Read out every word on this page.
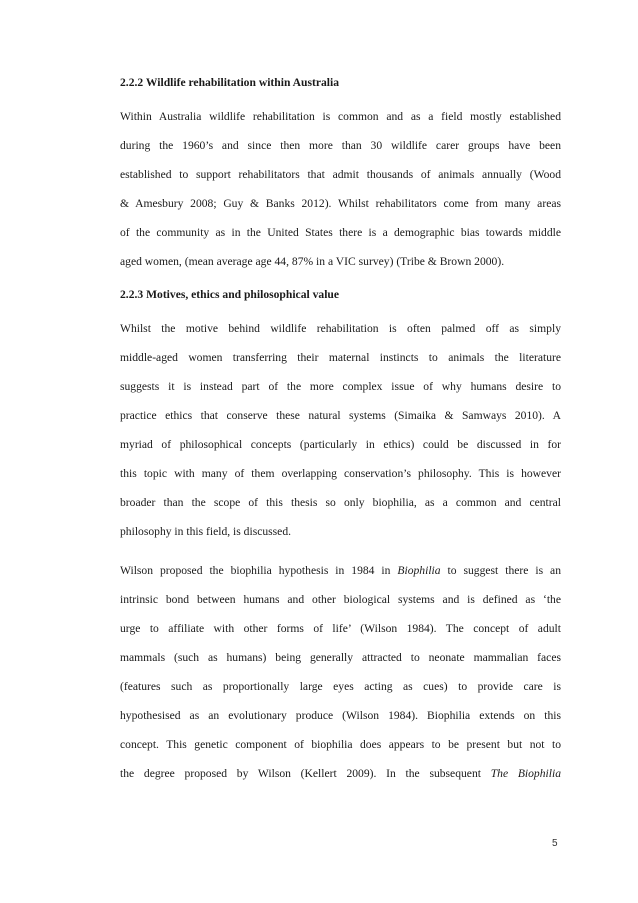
2.2.2 Wildlife rehabilitation within Australia
Within Australia wildlife rehabilitation is common and as a field mostly established
during the 1960’s and since then more than 30 wildlife carer groups have been
established to support rehabilitators that admit thousands of animals annually (Wood
& Amesbury 2008; Guy & Banks 2012). Whilst rehabilitators come from many areas
of the community as in the United States there is a demographic bias towards middle
aged women, (mean average age 44, 87% in a VIC survey) (Tribe & Brown 2000).
2.2.3 Motives, ethics and philosophical value
Whilst the motive behind wildlife rehabilitation is often palmed off as simply
middle-aged women transferring their maternal instincts to animals the literature
suggests it is instead part of the more complex issue of why humans desire to
practice ethics that conserve these natural systems (Simaika & Samways 2010). A
myriad of philosophical concepts (particularly in ethics) could be discussed in for
this topic with many of them overlapping conservation’s philosophy. This is however
broader than the scope of this thesis so only biophilia, as a common and central
philosophy in this field, is discussed.
Wilson proposed the biophilia hypothesis in 1984 in Biophilia to suggest there is an
intrinsic bond between humans and other biological systems and is defined as ‘the
urge to affiliate with other forms of life’ (Wilson 1984). The concept of adult
mammals (such as humans) being generally attracted to neonate mammalian faces
(features such as proportionally large eyes acting as cues) to provide care is
hypothesised as an evolutionary produce (Wilson 1984). Biophilia extends on this
concept. This genetic component of biophilia does appears to be present but not to
the degree proposed by Wilson (Kellert 2009). In the subsequent The Biophilia
5
